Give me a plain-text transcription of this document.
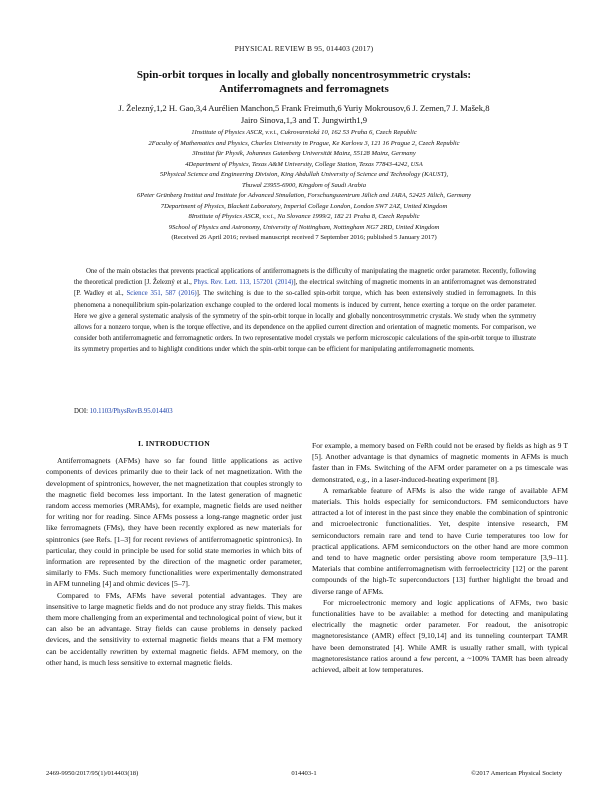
PHYSICAL REVIEW B 95, 014403 (2017)
Spin-orbit torques in locally and globally noncentrosymmetric crystals:
Antiferromagnets and ferromagnets
J. Železný,1,2 H. Gao,3,4 Aurélien Manchon,5 Frank Freimuth,6 Yuriy Mokrousov,6 J. Zemen,7 J. Mašek,8
Jairo Sinova,1,3 and T. Jungwirth1,9
1Institute of Physics ASCR, v.v.i., Cukrovarnická 10, 162 53 Praha 6, Czech Republic
2Faculty of Mathematics and Physics, Charles University in Prague, Ke Karlovu 3, 121 16 Prague 2, Czech Republic
3Institut für Physik, Johannes Gutenberg Universität Mainz, 55128 Mainz, Germany
4Department of Physics, Texas A&M University, College Station, Texas 77843-4242, USA
5Physical Science and Engineering Division, King Abdullah University of Science and Technology (KAUST),
Thuwal 23955-6900, Kingdom of Saudi Arabia
6Peter Grünberg Institut and Institute for Advanced Simulation, Forschungszentrum Jülich and JARA, 52425 Jülich, Germany
7Department of Physics, Blackett Laboratory, Imperial College London, London SW7 2AZ, United Kingdom
8Institute of Physics ASCR, v.v.i., Na Slovance 1999/2, 182 21 Praha 8, Czech Republic
9School of Physics and Astronomy, University of Nottingham, Nottingham NG7 2RD, United Kingdom
(Received 26 April 2016; revised manuscript received 7 September 2016; published 5 January 2017)

One of the main obstacles that prevents practical applications of antiferromagnets is the difficulty of manipulating the magnetic order parameter. Recently, following the theoretical prediction [J. Železný et al., Phys. Rev. Lett. 113, 157201 (2014)], the electrical switching of magnetic moments in an antiferromagnet was demonstrated [P. Wadley et al., Science 351, 587 (2016)]. The switching is due to the so-called spin-orbit torque, which has been extensively studied in ferromagnets. In this phenomena a nonequilibrium spin-polarization exchange coupled to the ordered local moments is induced by current, hence exerting a torque on the order parameter. Here we give a general systematic analysis of the symmetry of the spin-orbit torque in locally and globally noncentrosymmetric crystals. We study when the symmetry allows for a nonzero torque, when is the torque effective, and its dependence on the applied current direction and orientation of magnetic moments. For comparison, we consider both antiferromagnetic and ferromagnetic orders. In two representative model crystals we perform microscopic calculations of the spin-orbit torque to illustrate its symmetry properties and to highlight conditions under which the spin-orbit torque can be efficient for manipulating antiferromagnetic moments.

DOI: 10.1103/PhysRevB.95.014403
I. INTRODUCTION

Antiferromagnets (AFMs) have so far found little applications as active components of devices primarily due to their lack of net magnetization. With the development of spintronics, however, the net magnetization that couples strongly to the magnetic field becomes less important. In the latest generation of magnetic random access memories (MRAMs), for example, magnetic fields are used neither for writing nor for reading. Since AFMs possess a long-range magnetic order just like ferromagnets (FMs), they have been recently explored as new materials for spintronics (see Refs. [1–3] for recent reviews of antiferromagnetic spintronics). In particular, they could in principle be used for solid state memories in which bits of information are represented by the direction of the magnetic order parameter, similarly to FMs. Such memory functionalities were experimentally demonstrated in AFM tunneling [4] and ohmic devices [5–7].

Compared to FMs, AFMs have several potential advantages. They are insensitive to large magnetic fields and do not produce any stray fields. This makes them more challenging from an experimental and technological point of view, but it can also be an advantage. Stray fields can cause problems in densely packed devices, and the sensitivity to external magnetic fields means that a FM memory can be accidentally rewritten by external magnetic fields. AFM memory, on the other hand, is much less sensitive to external magnetic fields.

For example, a memory based on FeRh could not be erased by fields as high as 9 T [5]. Another advantage is that dynamics of magnetic moments in AFMs is much faster than in FMs. Switching of the AFM order parameter on a ps timescale was demonstrated, e.g., in a laser-induced-heating experiment [8].

A remarkable feature of AFMs is also the wide range of available AFM materials. This holds especially for semiconductors. FM semiconductors have attracted a lot of interest in the past since they enable the combination of spintronic and microelectronic functionalities. Yet, despite intensive research, FM semiconductors remain rare and tend to have Curie temperatures too low for practical applications. AFM semiconductors on the other hand are more common and tend to have magnetic order persisting above room temperature [3,9–11]. Materials that combine antiferromagnetism with ferroelectricity [12] or the parent compounds of the high-Tc superconductors [13] further highlight the broad and diverse range of AFMs.

For microelectronic memory and logic applications of AFMs, two basic functionalities have to be available: a method for detecting and manipulating electrically the magnetic order parameter. For readout, the anisotropic magnetoresistance (AMR) effect [9,10,14] and its tunneling counterpart TAMR have been demonstrated [4]. While AMR is usually rather small, with typical magnetoresistance ratios around a few percent, a ~100% TAMR has been already achieved, albeit at low temperatures.

2469-9950/2017/95(1)/014403(18)	014403-1	©2017 American Physical Society
